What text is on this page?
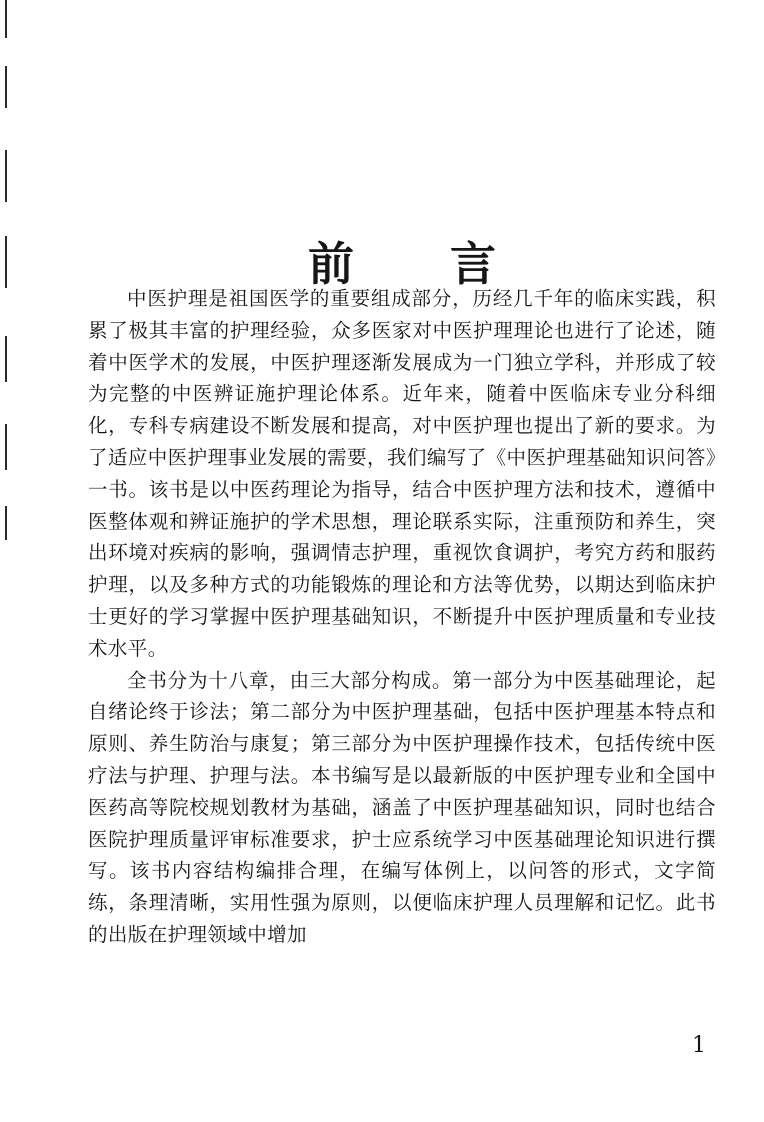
前 言

中医护理是祖国医学的重要组成部分，历经几千年的临床实践，积累了极其丰富的护理经验，众多医家对中医护理理论也进行了论述，随着中医学术的发展，中医护理逐渐发展成为一门独立学科，并形成了较为完整的中医辨证施护理论体系。近年来，随着中医临床专业分科细化，专科专病建设不断发展和提高，对中医护理也提出了新的要求。为了适应中医护理事业发展的需要，我们编写了《中医护理基础知识问答》一书。该书是以中医药理论为指导，结合中医护理方法和技术，遵循中医整体观和辨证施护的学术思想，理论联系实际，注重预防和养生，突出环境对疾病的影响，强调情志护理，重视饮食调护，考究方药和服药护理，以及多种方式的功能锻炼的理论和方法等优势，以期达到临床护士更好的学习掌握中医护理基础知识，不断提升中医护理质量和专业技术水平。

全书分为十八章，由三大部分构成。第一部分为中医基础理论，起自绪论终于诊法；第二部分为中医护理基础，包括中医护理基本特点和原则、养生防治与康复；第三部分为中医护理操作技术，包括传统中医疗法与护理、护理与法。本书编写是以最新版的中医护理专业和全国中医药高等院校规划教材为基础，涵盖了中医护理基础知识，同时也结合医院护理质量评审标准要求，护士应系统学习中医基础理论知识进行撰写。该书内容结构编排合理，在编写体例上，以问答的形式，文字简练，条理清晰，实用性强为原则，以便临床护理人员理解和记忆。此书的出版在护理领域中增加

1
